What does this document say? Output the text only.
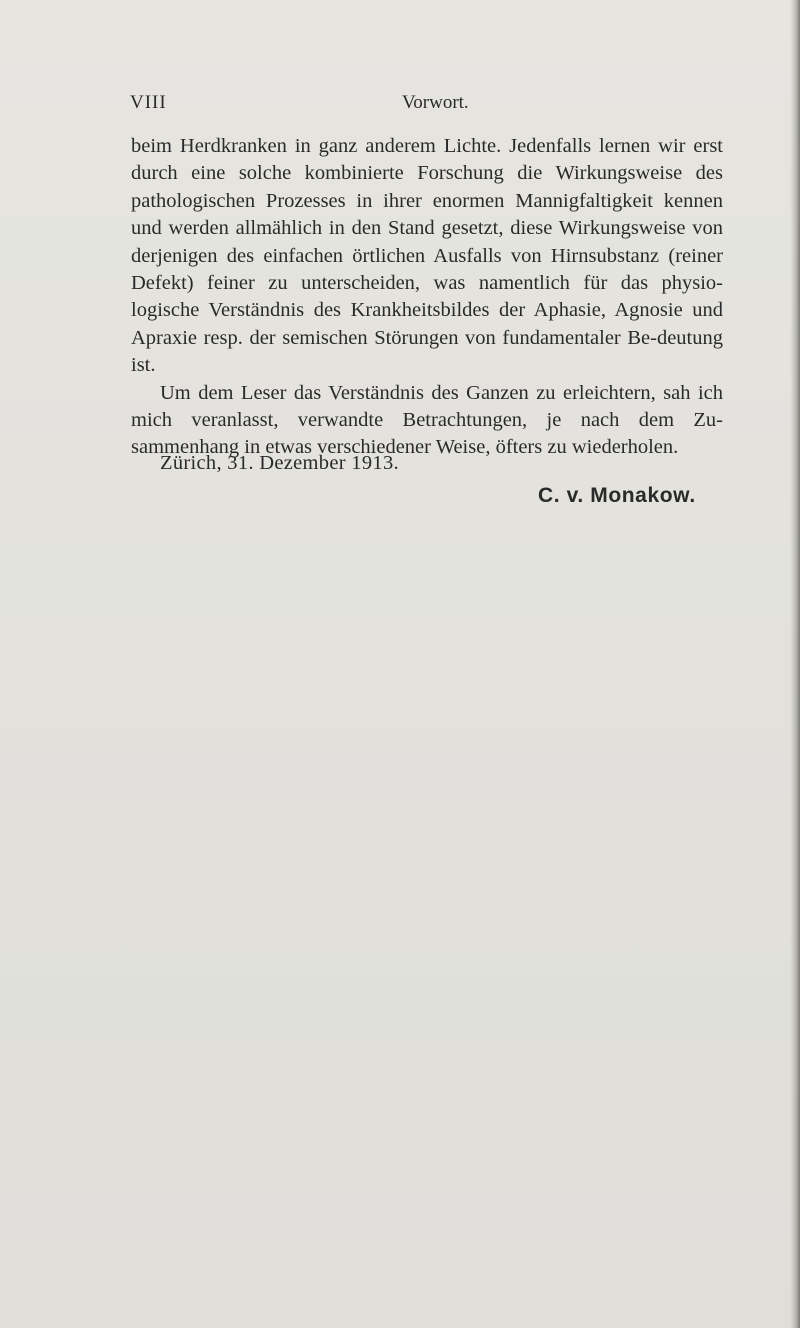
VIII	Vorwort.

beim Herdkranken in ganz anderem Lichte. Jedenfalls lernen wir erst durch eine solche kombinierte Forschung die Wirkungsweise des pathologischen Prozesses in ihrer enormen Mannigfaltigkeit kennen und werden allmählich in den Stand gesetzt, diese Wirkungsweise von derjenigen des einfachen örtlichen Ausfalls von Hirnsubstanz (reiner Defekt) feiner zu unterscheiden, was namentlich für das physio-logische Verständnis des Krankheitsbildes der Aphasie, Agnosie und Apraxie resp. der semischen Störungen von fundamentaler Be-deutung ist.

Um dem Leser das Verständnis des Ganzen zu erleichtern, sah ich mich veranlasst, verwandte Betrachtungen, je nach dem Zu-sammenhang in etwas verschiedener Weise, öfters zu wiederholen.

Zürich, 31. Dezember 1913.
C. v. Monakow.
